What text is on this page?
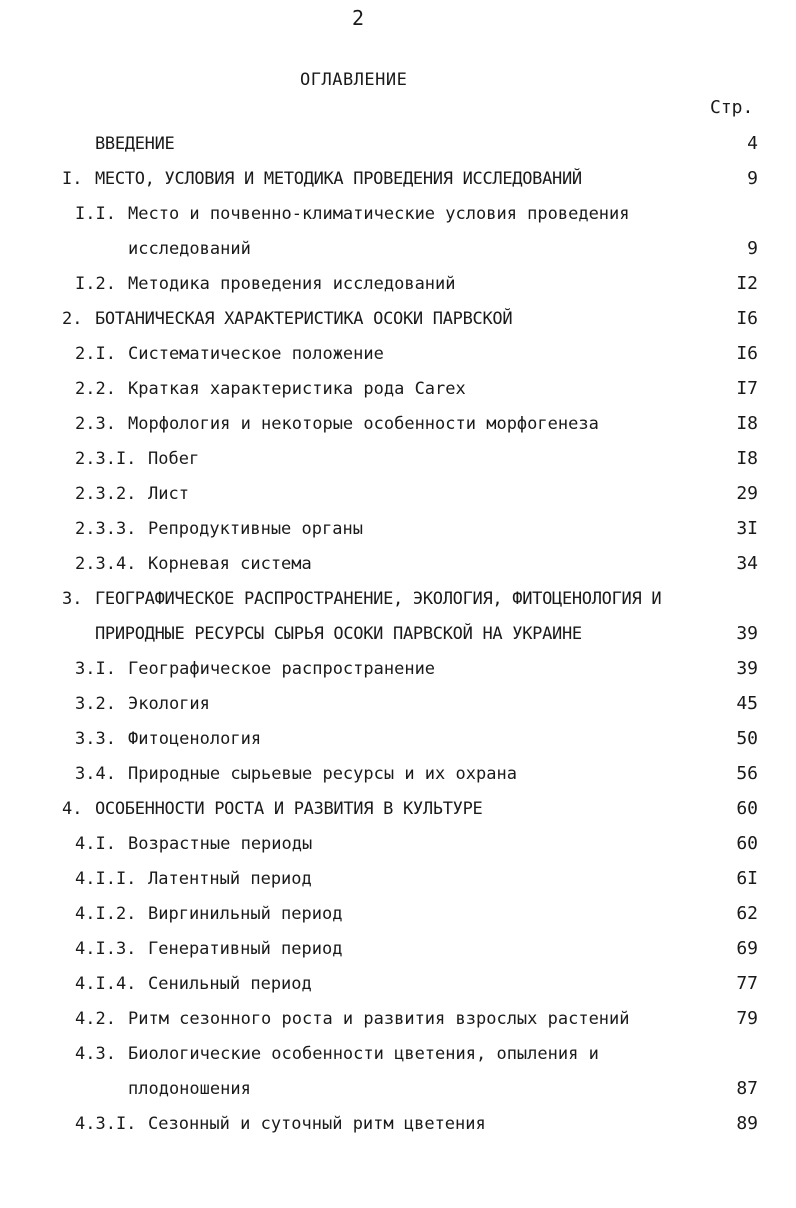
2
ОГЛАВЛЕНИЕ
Стр.
ВВЕДЕНИЕ	4
I. МЕСТО, УСЛОВИЯ И МЕТОДИКА ПРОВЕДЕНИЯ ИССЛЕДОВАНИЙ	9
I.I. Место и почвенно-климатические условия проведения
исследований	9
I.2. Методика проведения исследований	I2
2. БОТАНИЧЕСКАЯ ХАРАКТЕРИСТИКА ОСОКИ ПАРВСКОЙ	I6
2.I. Систематическое положение	I6
2.2. Краткая характеристика рода Carex	I7
2.3. Морфология и некоторые особенности морфогенеза	I8
2.3.I. Побег	I8
2.3.2. Лист	29
2.3.3. Репродуктивные органы	3I
2.3.4. Корневая система	34
3. ГЕОГРАФИЧЕСКОЕ РАСПРОСТРАНЕНИЕ, ЭКОЛОГИЯ, ФИТОЦЕНОЛОГИЯ И
ПРИРОДНЫЕ РЕСУРСЫ СЫРЬЯ ОСОКИ ПАРВСКОЙ НА УКРАИНЕ	39
3.I. Географическое распространение	39
3.2. Экология	45
3.3. Фитоценология	50
3.4. Природные сырьевые ресурсы и их охрана	56
4. ОСОБЕННОСТИ РОСТА И РАЗВИТИЯ В КУЛЬТУРЕ	60
4.I. Возрастные периоды	60
4.I.I. Латентный период	6I
4.I.2. Виргинильный период	62
4.I.3. Генеративный период	69
4.I.4. Сенильный период	77
4.2. Ритм сезонного роста и развития взрослых растений	79
4.3. Биологические особенности цветения, опыления и
плодоношения	87
4.3.I. Сезонный и суточный ритм цветения	89
